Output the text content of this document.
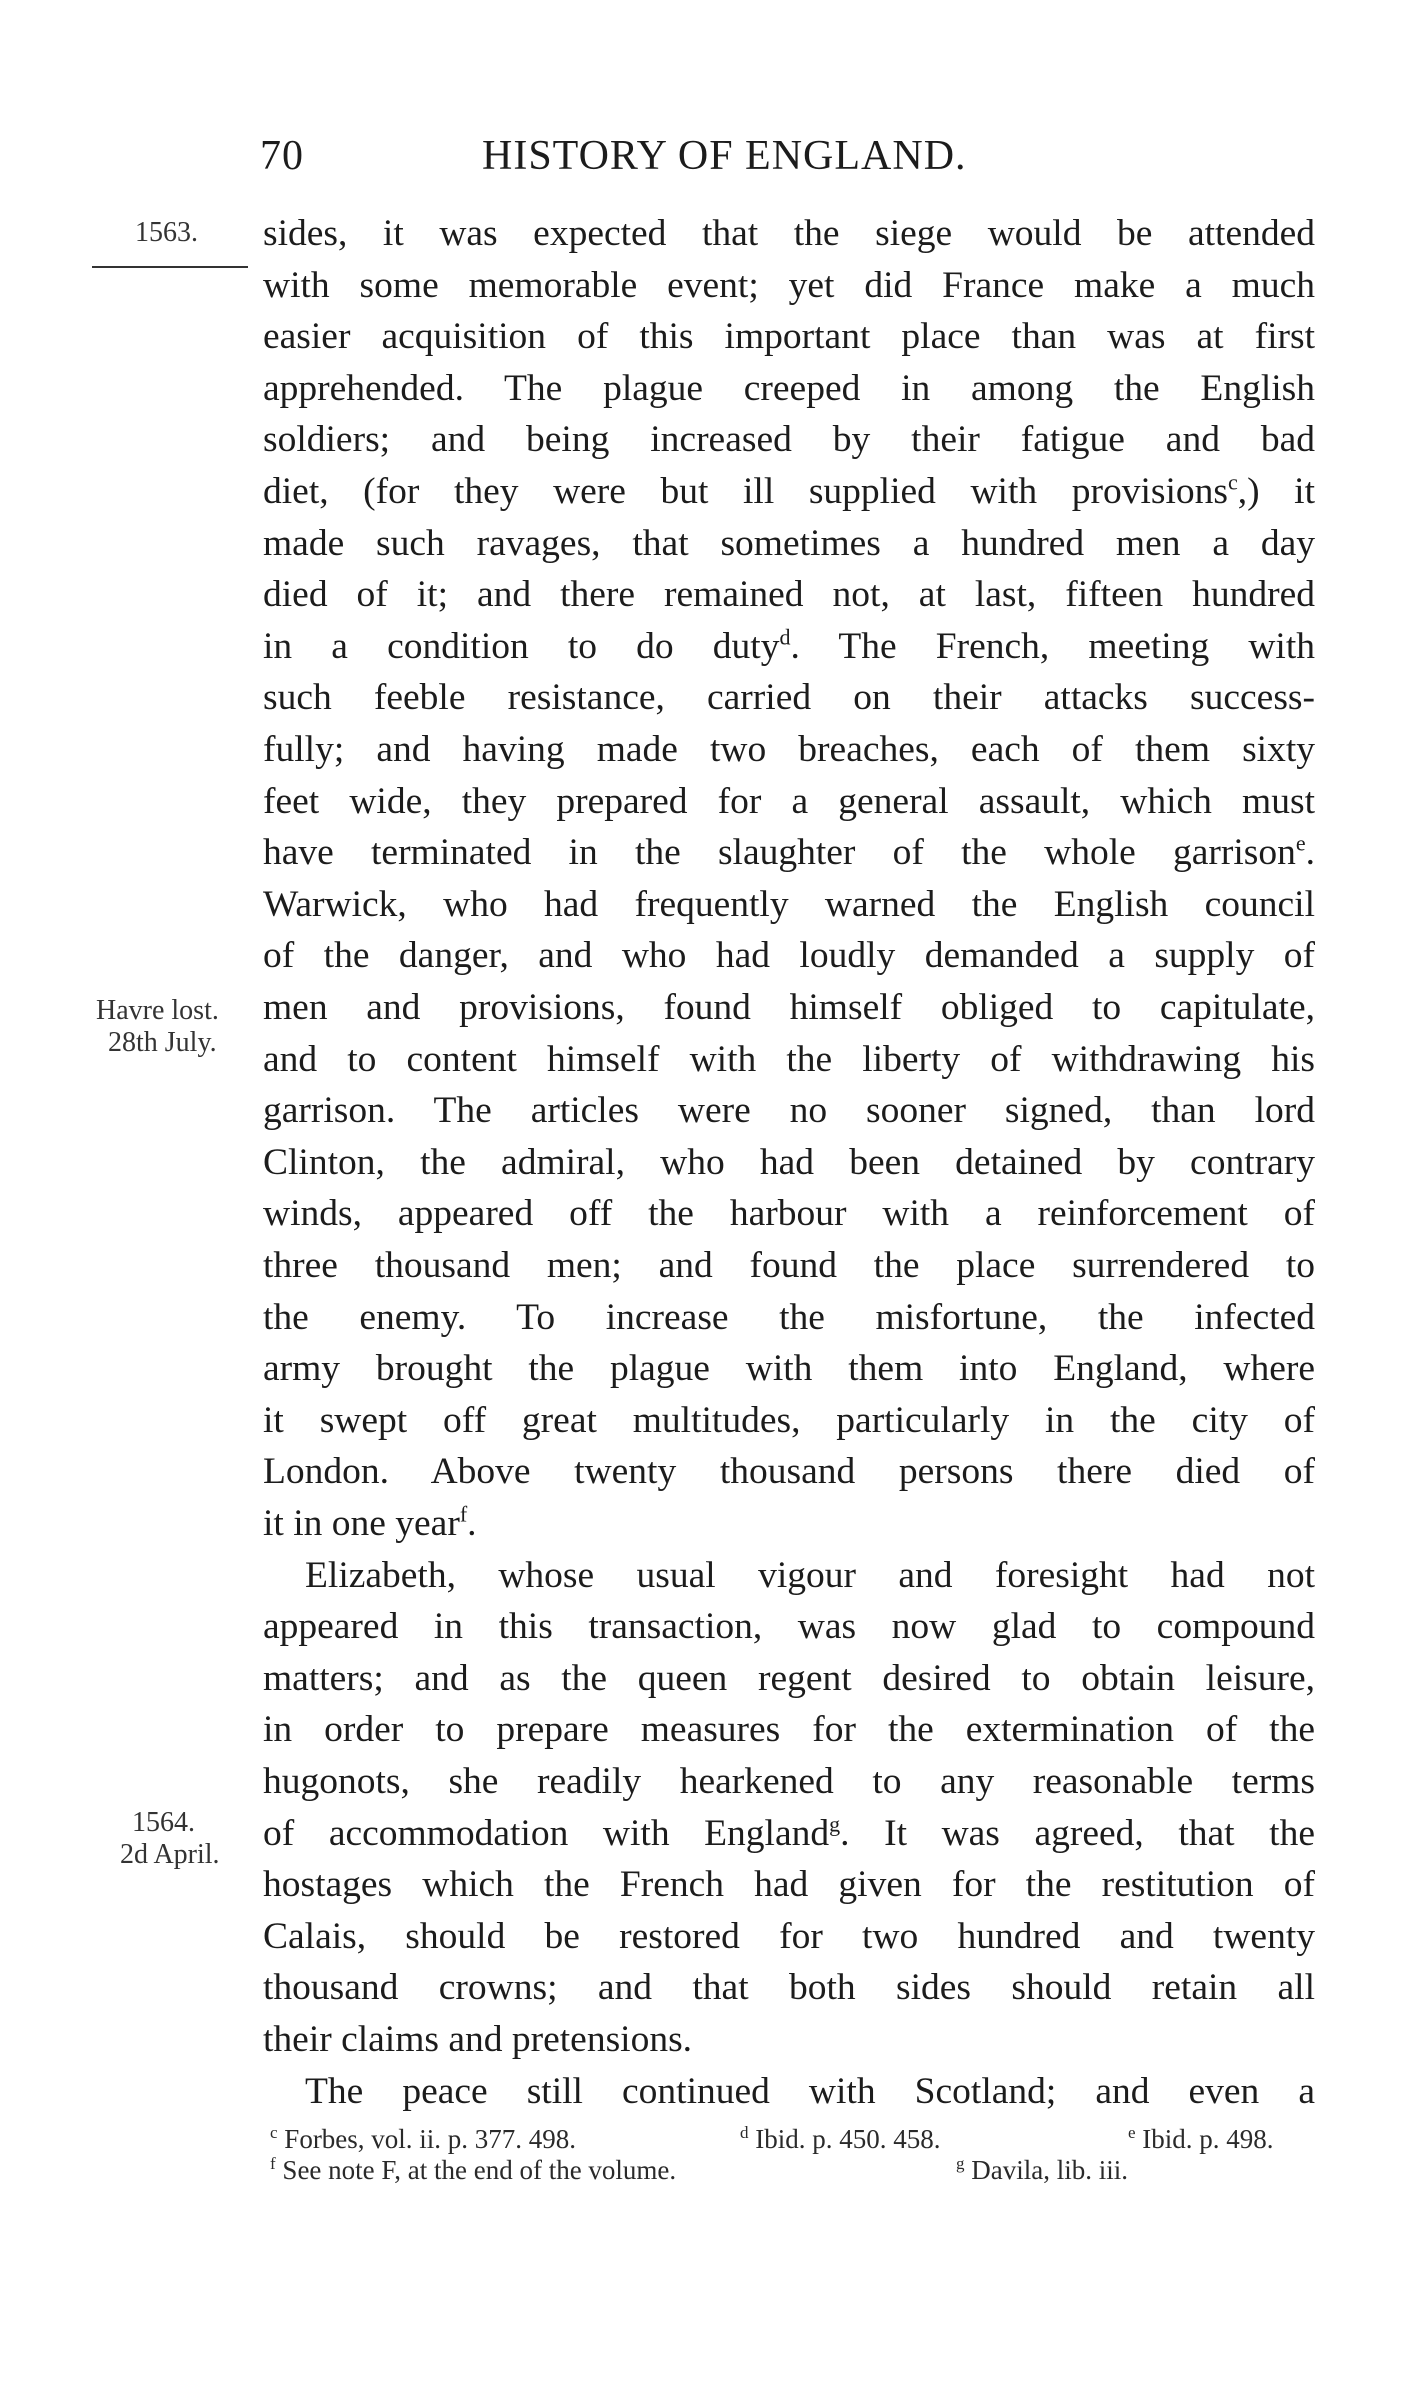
70	HISTORY OF ENGLAND.
1563.
Havre lost.
28th July.
1564.
2d April.
sides, it was expected that the siege would be attended
with some memorable event; yet did France make a much
easier acquisition of this important place than was at first
apprehended. The plague creeped in among the English
soldiers; and being increased by their fatigue and bad
diet, (for they were but ill supplied with provisions$^c$,) it
made such ravages, that sometimes a hundred men a day
died of it; and there remained not, at last, fifteen hundred
in a condition to do duty$^d$. The French, meeting with
such feeble resistance, carried on their attacks success-
fully; and having made two breaches, each of them sixty
feet wide, they prepared for a general assault, which must
have terminated in the slaughter of the whole garrison$^e$.
Warwick, who had frequently warned the English council
of the danger, and who had loudly demanded a supply of
men and provisions, found himself obliged to capitulate,
and to content himself with the liberty of withdrawing his
garrison. The articles were no sooner signed, than lord
Clinton, the admiral, who had been detained by contrary
winds, appeared off the harbour with a reinforcement of
three thousand men; and found the place surrendered to
the enemy. To increase the misfortune, the infected
army brought the plague with them into England, where
it swept off great multitudes, particularly in the city of
London. Above twenty thousand persons there died of
it in one year$^f$.
Elizabeth, whose usual vigour and foresight had not
appeared in this transaction, was now glad to compound
matters; and as the queen regent desired to obtain leisure,
in order to prepare measures for the extermination of the
hugonots, she readily hearkened to any reasonable terms
of accommodation with England$^g$. It was agreed, that the
hostages which the French had given for the restitution of
Calais, should be restored for two hundred and twenty
thousand crowns; and that both sides should retain all
their claims and pretensions.
The peace still continued with Scotland; and even a
$^c$ Forbes, vol. ii. p. 377. 498.	$^d$ Ibid. p. 450. 458.	$^e$ Ibid. p. 498.
$^f$ See note F, at the end of the volume.	$^g$ Davila, lib. iii.
